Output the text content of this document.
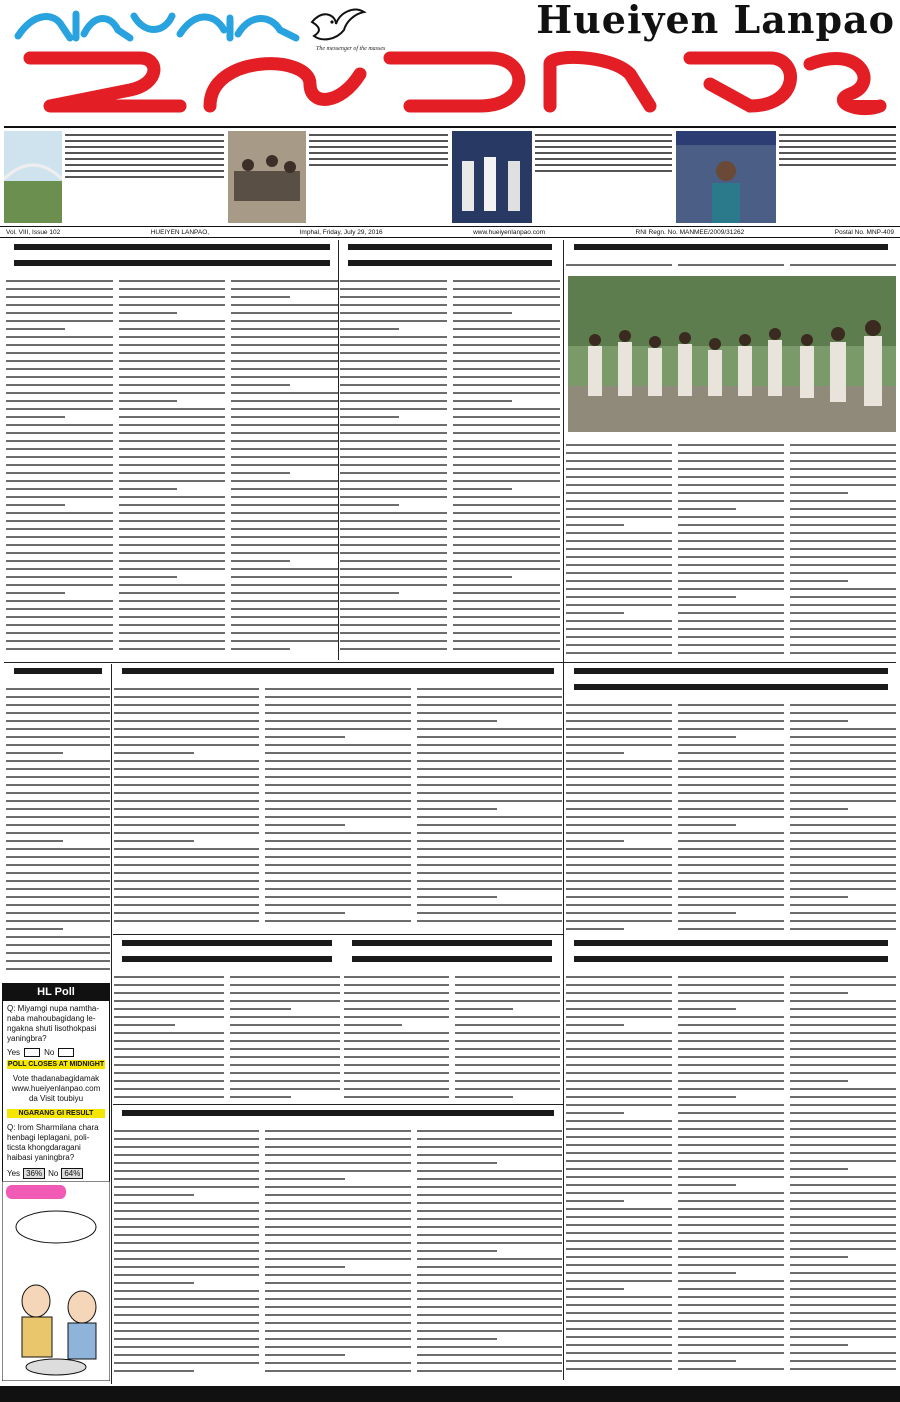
The messenger of the masses
Hueiyen Lanpao
Vol. VIII, Issue 102	HUEIYEN LANPAO,	Imphal, Friday, July 29, 2016	www.hueiyenlanpao.com	RNI Regn. No. MANMEE/2009/31262	Postal No. MNP-409
HL Poll
Q: Miyamgi nupa namtha-naba mahoubagidang le-ngakna shuti lisothokpasi yaningbra?
Yes	No
POLL CLOSES AT MIDNIGHT
Vote thadanabagidamak www.hueiyenlanpao.com da Visit toubiyu
NGARANG GI RESULT
Q: Irom Sharmilana chara henbagi leplagani, poli-ticsta khongdaragani haibasi yaningbra?
Yes 36% No 64%
